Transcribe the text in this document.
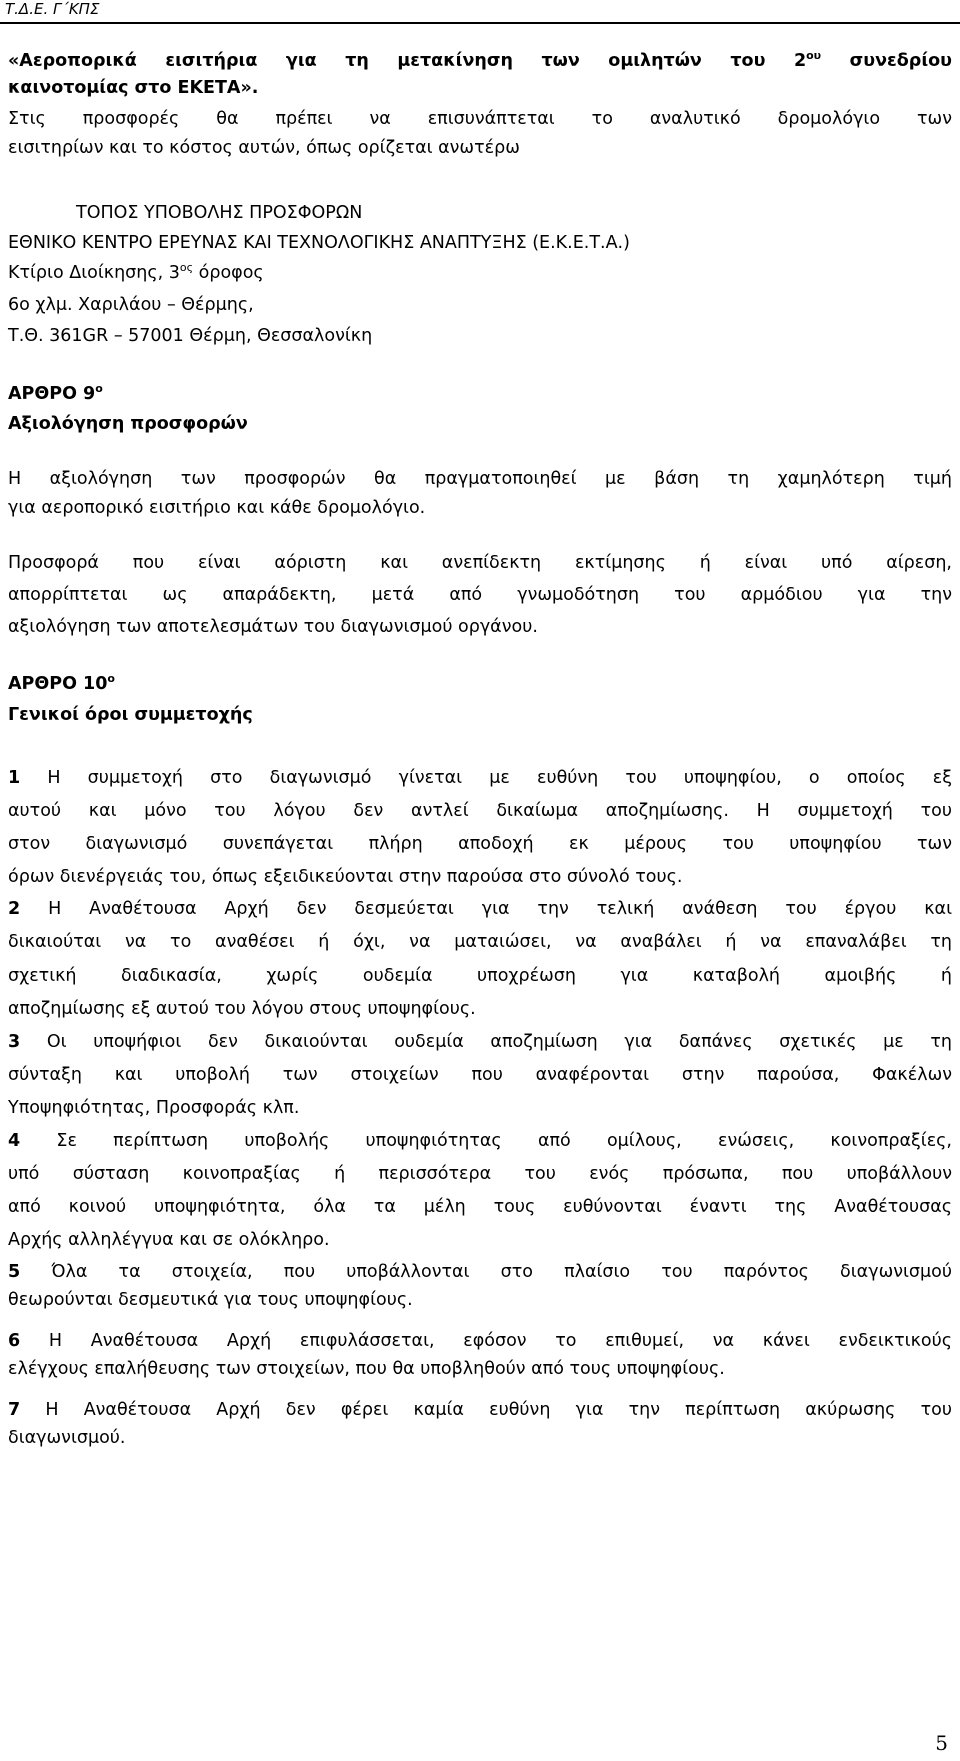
Τ.Δ.Ε. Γ΄ΚΠΣ
«Αεροπορικά εισιτήρια για τη μετακίνηση των ομιλητών του $2^{o\upsilon}$ συνεδρίου
καινοτομίας στο ΕΚΕΤΑ».
Στις προσφορές θα πρέπει να επισυνάπτεται το αναλυτικό δρομολόγιο των
εισιτηρίων και το κόστος αυτών, όπως ορίζεται ανωτέρω
ΤΟΠΟΣ ΥΠΟΒΟΛΗΣ ΠΡΟΣΦΟΡΩΝ
ΕΘΝΙΚΟ ΚΕΝΤΡΟ ΕΡΕΥΝΑΣ ΚΑΙ ΤΕΧΝΟΛΟΓΙΚΗΣ ΑΝΑΠΤΥΞΗΣ (Ε.Κ.Ε.Τ.Α.)
Κτίριο Διοίκησης, $3^{o\varsigma}$ όροφος
6ο χλμ. Χαριλάου – Θέρμης,
Τ.Θ. 361GR – 57001 Θέρμη, Θεσσαλονίκη
ΑΡΘΡΟ $9^o$
Αξιολόγηση προσφορών
Η αξιολόγηση των προσφορών θα πραγματοποιηθεί με βάση τη χαμηλότερη τιμή
για αεροπορικό εισιτήριο και κάθε δρομολόγιο.
Προσφορά που είναι αόριστη και ανεπίδεκτη εκτίμησης ή είναι υπό αίρεση,
απορρίπτεται ως απαράδεκτη, μετά από γνωμοδότηση του αρμόδιου για την
αξιολόγηση των αποτελεσμάτων του διαγωνισμού οργάνου.
ΑΡΘΡΟ $10^o$
Γενικοί όροι συμμετοχής
1 Η συμμετοχή στο διαγωνισμό γίνεται με ευθύνη του υποψηφίου, ο οποίος εξ
αυτού και μόνο του λόγου δεν αντλεί δικαίωμα αποζημίωσης. Η συμμετοχή του
στον διαγωνισμό συνεπάγεται πλήρη αποδοχή εκ μέρους του υποψηφίου των
όρων διενέργειάς του, όπως εξειδικεύονται στην παρούσα στο σύνολό τους.
2 Η Αναθέτουσα Αρχή δεν δεσμεύεται για την τελική ανάθεση του έργου και
δικαιούται να το αναθέσει ή όχι, να ματαιώσει, να αναβάλει ή να επαναλάβει τη
σχετική διαδικασία, χωρίς ουδεμία υποχρέωση για καταβολή αμοιβής ή
αποζημίωσης εξ αυτού του λόγου στους υποψηφίους.
3 Οι υποψήφιοι δεν δικαιούνται ουδεμία αποζημίωση για δαπάνες σχετικές με τη
σύνταξη και υποβολή των στοιχείων που αναφέρονται στην παρούσα, Φακέλων
Υποψηφιότητας, Προσφοράς κλπ.
4 Σε περίπτωση υποβολής υποψηφιότητας από ομίλους, ενώσεις, κοινοπραξίες,
υπό σύσταση κοινοπραξίας ή περισσότερα του ενός πρόσωπα, που υποβάλλουν
από κοινού υποψηφιότητα, όλα τα μέλη τους ευθύνονται έναντι της Αναθέτουσας
Αρχής αλληλέγγυα και σε ολόκληρο.
5 Όλα τα στοιχεία, που υποβάλλονται στο πλαίσιο του παρόντος διαγωνισμού
θεωρούνται δεσμευτικά για τους υποψηφίους.
6 Η Αναθέτουσα Αρχή επιφυλάσσεται, εφόσον το επιθυμεί, να κάνει ενδεικτικούς
ελέγχους επαλήθευσης των στοιχείων, που θα υποβληθούν από τους υποψηφίους.
7 Η Αναθέτουσα Αρχή δεν φέρει καμία ευθύνη για την περίπτωση ακύρωσης του
διαγωνισμού.
5
